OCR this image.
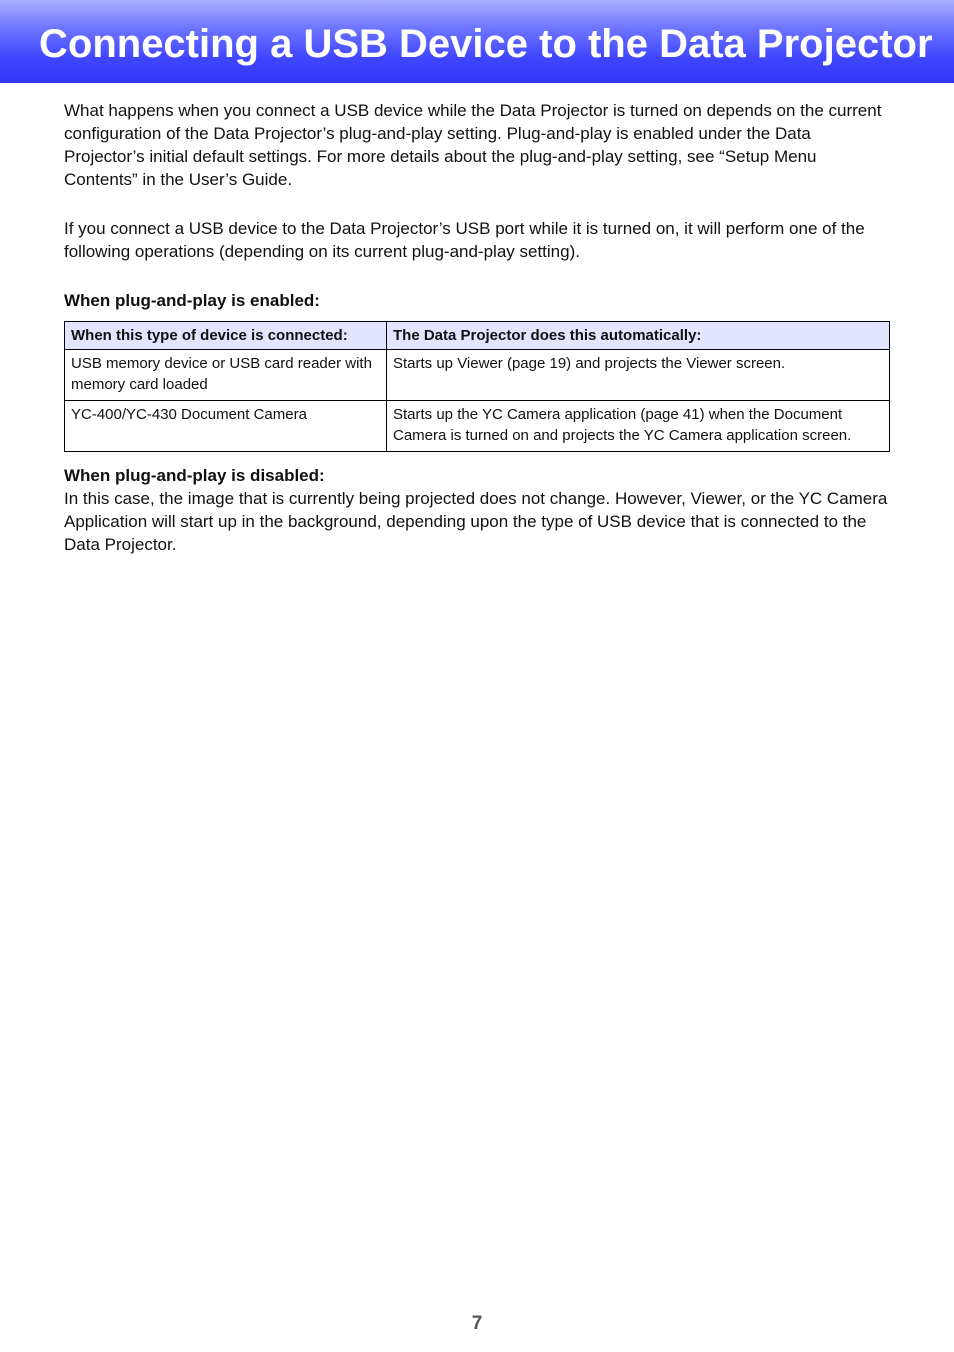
Connecting a USB Device to the Data Projector

What happens when you connect a USB device while the Data Projector is turned on depends on the current configuration of the Data Projector’s plug-and-play setting. Plug-and-play is enabled under the Data Projector’s initial default settings. For more details about the plug-and-play setting, see “Setup Menu Contents” in the User’s Guide.

If you connect a USB device to the Data Projector’s USB port while it is turned on, it will perform one of the following operations (depending on its current plug-and-play setting).

When plug-and-play is enabled:
When this type of device is connected:	The Data Projector does this automatically:
USB memory device or USB card reader with memory card loaded	Starts up Viewer (page 19) and projects the Viewer screen.
YC-400/YC-430 Document Camera	Starts up the YC Camera application (page 41) when the Document Camera is turned on and projects the YC Camera application screen.
When plug-and-play is disabled:

In this case, the image that is currently being projected does not change. However, Viewer, or the YC Camera Application will start up in the background, depending upon the type of USB device that is connected to the Data Projector.

7
